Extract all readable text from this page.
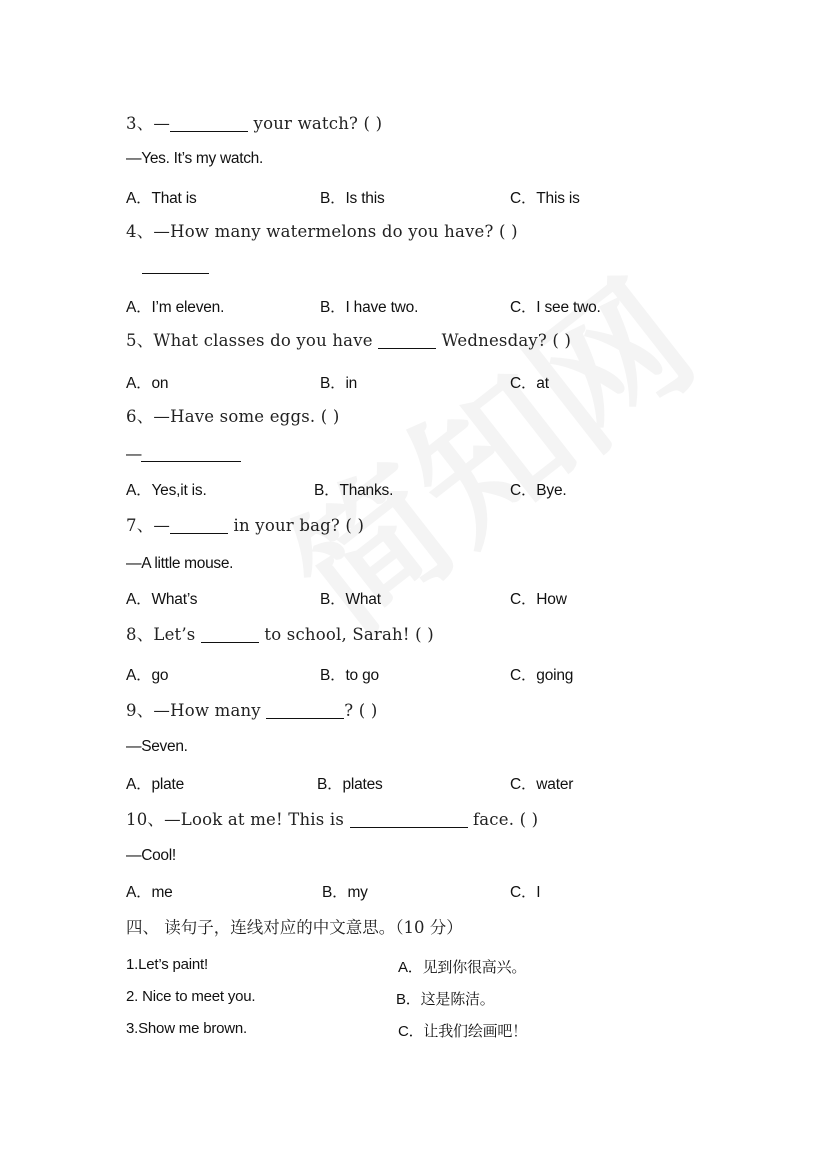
3、—	your watch? ( )
—Yes. It’s my watch.
A．That is	B．Is this	C．This is
4、—How many watermelons do you have? ( )
A．I’m eleven.	B．I have two.	C．I see two.
5、What classes do you have	Wednesday? ( )
A．on	B．in	C．at
6、—Have some eggs. ( )
—
A．Yes,it is.	B．Thanks.	C．Bye.
7、—	in your bag? ( )
—A little mouse.
A．What’s	B．What	C．How
8、Let’s	to school, Sarah! ( )
A．go	B．to go	C．going
9、—How many	? ( )
—Seven.
A．plate	B．plates	C．water
10、—Look at me! This is	face. ( )
—Cool!
A．me	B．my	C．I
四、 读句子，连线对应的中文意思。（10 分）
1.Let’s paint!
2. Nice to meet you.
3.Show me brown.
A．见到你很高兴。
B．这是陈洁。
C．让我们绘画吧！
